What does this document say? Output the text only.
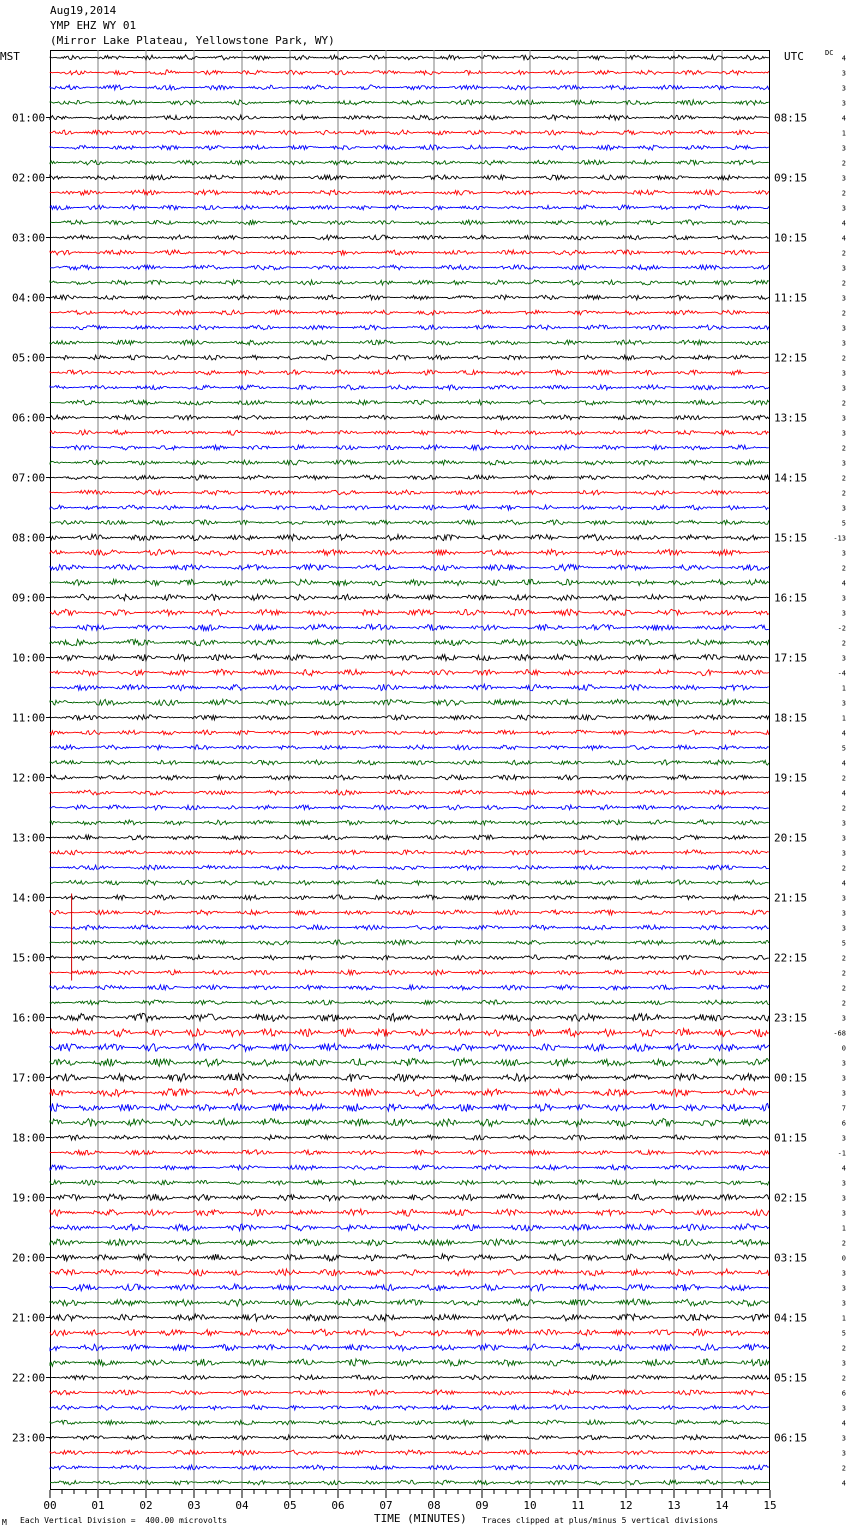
Aug19,2014
YMP EHZ WY 01
(Mirror Lake Plateau, Yellowstone Park, WY)
MST	UTC	DC
01:00
02:00
03:00
04:00
05:00
06:00
07:00
08:00
09:00
10:00
11:00
12:00
13:00
14:00
15:00
16:00
17:00
18:00
19:00
20:00
21:00
22:00
23:00
08:15
09:15
10:15
11:15
12:15
13:15
14:15
15:15
16:15
17:15
18:15
19:15
20:15
21:15
22:15
23:15
00:15
01:15
02:15
03:15
04:15
05:15
06:15
4
3
3
3
4
1
3
2
3
2
3
4
4
2
3
2
3
2
3
3
2
3
3
2
3
3
2
3
2
2
3
5
-13
3
2
4
3
3
-2
2
3
-4
1
3
1
4
5
4
2
4
2
3
3
3
2
4
3
3
3
5
2
2
2
2
3
-68
0
3
3
3
7
6
3
-1
4
3
3
3
1
2
0
3
3
3
1
5
2
3
2
6
3
4
3
3
2
4
00	01	02	03	04	05	06	07	08	09	10	11	12	13	14	15
M Each Vertical Division =  400.00 microvolts	TIME (MINUTES) Traces clipped at plus/minus 5 vertical divisions
